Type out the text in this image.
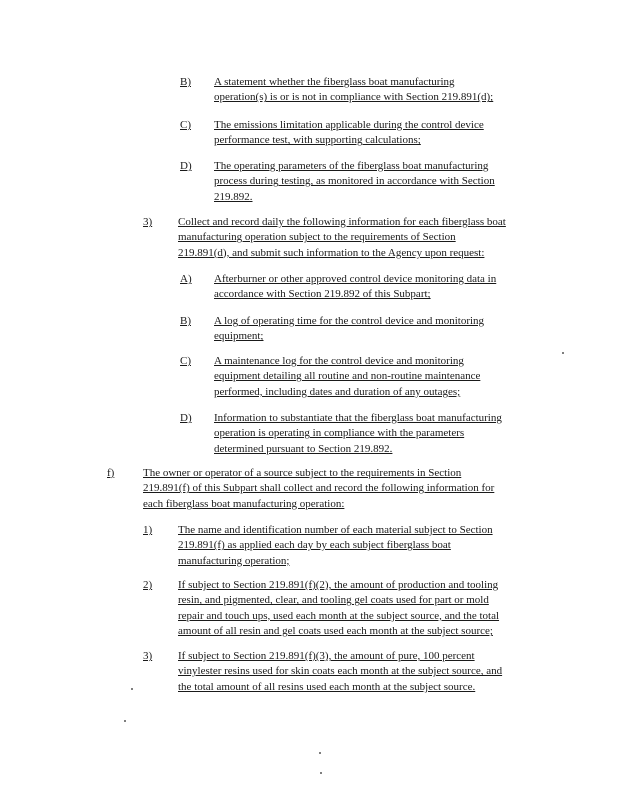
B) A statement whether the fiberglass boat manufacturing
operation(s) is or is not in compliance with Section 219.891(d);
C) The emissions limitation applicable during the control device
performance test, with supporting calculations;
D) The operating parameters of the fiberglass boat manufacturing
process during testing, as monitored in accordance with Section
219.892.
3) Collect and record daily the following information for each fiberglass boat
manufacturing operation subject to the requirements of Section
219.891(d), and submit such information to the Agency upon request:
A) Afterburner or other approved control device monitoring data in
accordance with Section 219.892 of this Subpart;
B) A log of operating time for the control device and monitoring
equipment;
C) A maintenance log for the control device and monitoring
equipment detailing all routine and non-routine maintenance
performed, including dates and duration of any outages;
D) Information to substantiate that the fiberglass boat manufacturing
operation is operating in compliance with the parameters
determined pursuant to Section 219.892.
f)	The owner or operator of a source subject to the requirements in Section
219.891(f) of this Subpart shall collect and record the following information for
each fiberglass boat manufacturing operation:
1) The name and identification number of each material subject to Section
219.891(f) as applied each day by each subject fiberglass boat
manufacturing operation;
2) If subject to Section 219.891(f)(2), the amount of production and tooling
resin, and pigmented, clear, and tooling gel coats used for part or mold
repair and touch ups, used each month at the subject source, and the total
amount of all resin and gel coats used each month at the subject source;
3) If subject to Section 219.891(f)(3), the amount of pure, 100 percent
vinylester resins used for skin coats each month at the subject source, and
the total amount of all resins used each month at the subject source.
